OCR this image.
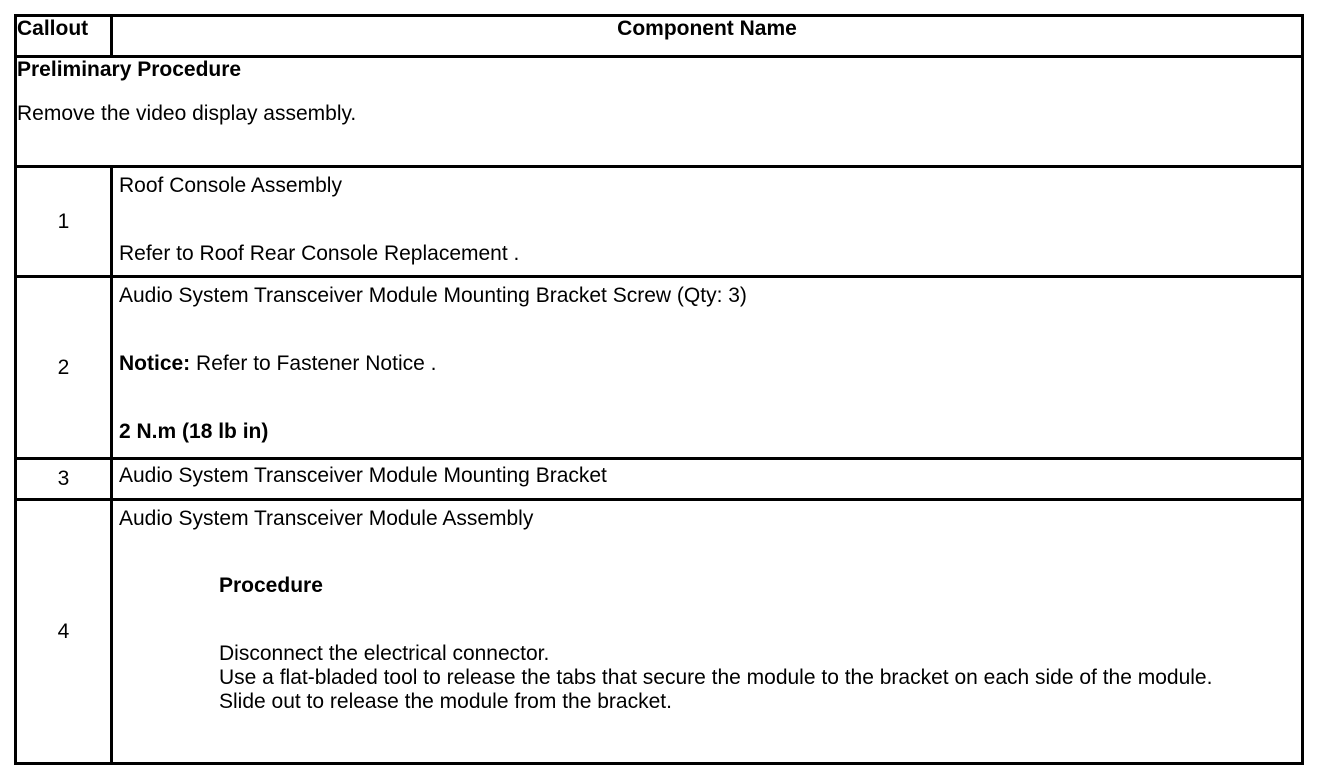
Callout	Component Name

Preliminary Procedure
Remove the video display assembly.	

1	Roof Console Assembly
Refer to Roof Rear Console Replacement .

2	Audio System Transceiver Module Mounting Bracket Screw (Qty: 3)
Notice: Refer to Fastener Notice .
2 N.m (18 lb in)

3	Audio System Transceiver Module Mounting Bracket

4	Audio System Transceiver Module Assembly
Procedure
Disconnect the electrical connector.
Use a flat-bladed tool to release the tabs that secure the module to the bracket on each side of the module.
Slide out to release the module from the bracket.
